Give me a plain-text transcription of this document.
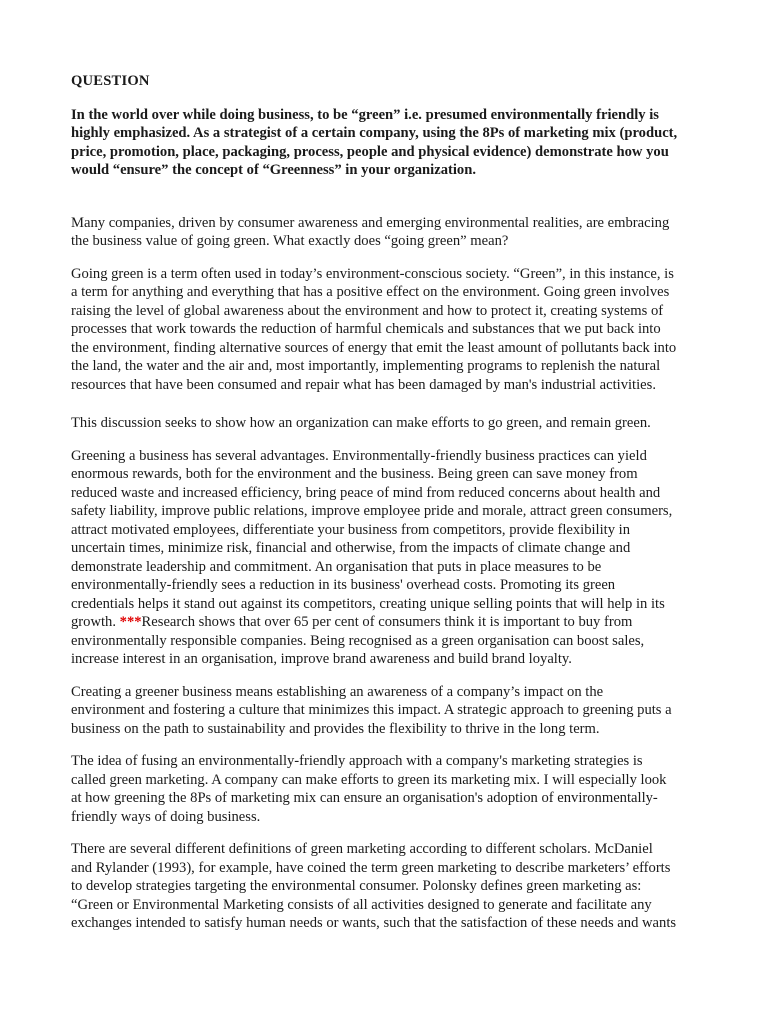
QUESTION

In the world over while doing business, to be “green” i.e. presumed environmentally friendly is
highly emphasized. As a strategist of a certain company, using the 8Ps of marketing mix (product,
price, promotion, place, packaging, process, people and physical evidence) demonstrate how you
would “ensure” the concept of “Greenness” in your organization.

Many companies, driven by consumer awareness and emerging environmental realities, are embracing
the business value of going green. What exactly does “going green” mean?

Going green is a term often used in today’s environment-conscious society. “Green”, in this instance, is
a term for anything and everything that has a positive effect on the environment. Going green involves
raising the level of global awareness about the environment and how to protect it, creating systems of
processes that work towards the reduction of harmful chemicals and substances that we put back into
the environment, finding alternative sources of energy that emit the least amount of pollutants back into
the land, the water and the air and, most importantly, implementing programs to replenish the natural
resources that have been consumed and repair what has been damaged by man's industrial activities.

This discussion seeks to show how an organization can make efforts to go green, and remain green.

Greening a business has several advantages. Environmentally-friendly business practices can yield
enormous rewards, both for the environment and the business. Being green can save money from
reduced waste and increased efficiency, bring peace of mind from reduced concerns about health and
safety liability, improve public relations, improve employee pride and morale, attract green consumers,
attract motivated employees, differentiate your business from competitors, provide flexibility in
uncertain times, minimize risk, financial and otherwise, from the impacts of climate change and
demonstrate leadership and commitment. An organisation that puts in place measures to be
environmentally-friendly sees a reduction in its business' overhead costs. Promoting its green
credentials helps it stand out against its competitors, creating unique selling points that will help in its
growth. ***Research shows that over 65 per cent of consumers think it is important to buy from
environmentally responsible companies. Being recognised as a green organisation can boost sales,
increase interest in an organisation, improve brand awareness and build brand loyalty.

Creating a greener business means establishing an awareness of a company’s impact on the
environment and fostering a culture that minimizes this impact. A strategic approach to greening puts a
business on the path to sustainability and provides the flexibility to thrive in the long term.

The idea of fusing an environmentally-friendly approach with a company's marketing strategies is
called green marketing. A company can make efforts to green its marketing mix. I will especially look
at how greening the 8Ps of marketing mix can ensure an organisation's adoption of environmentally-
friendly ways of doing business.

There are several different definitions of green marketing according to different scholars. McDaniel
and Rylander (1993), for example, have coined the term green marketing to describe marketers’ efforts
to develop strategies targeting the environmental consumer. Polonsky defines green marketing as:
“Green or Environmental Marketing consists of all activities designed to generate and facilitate any
exchanges intended to satisfy human needs or wants, such that the satisfaction of these needs and wants
